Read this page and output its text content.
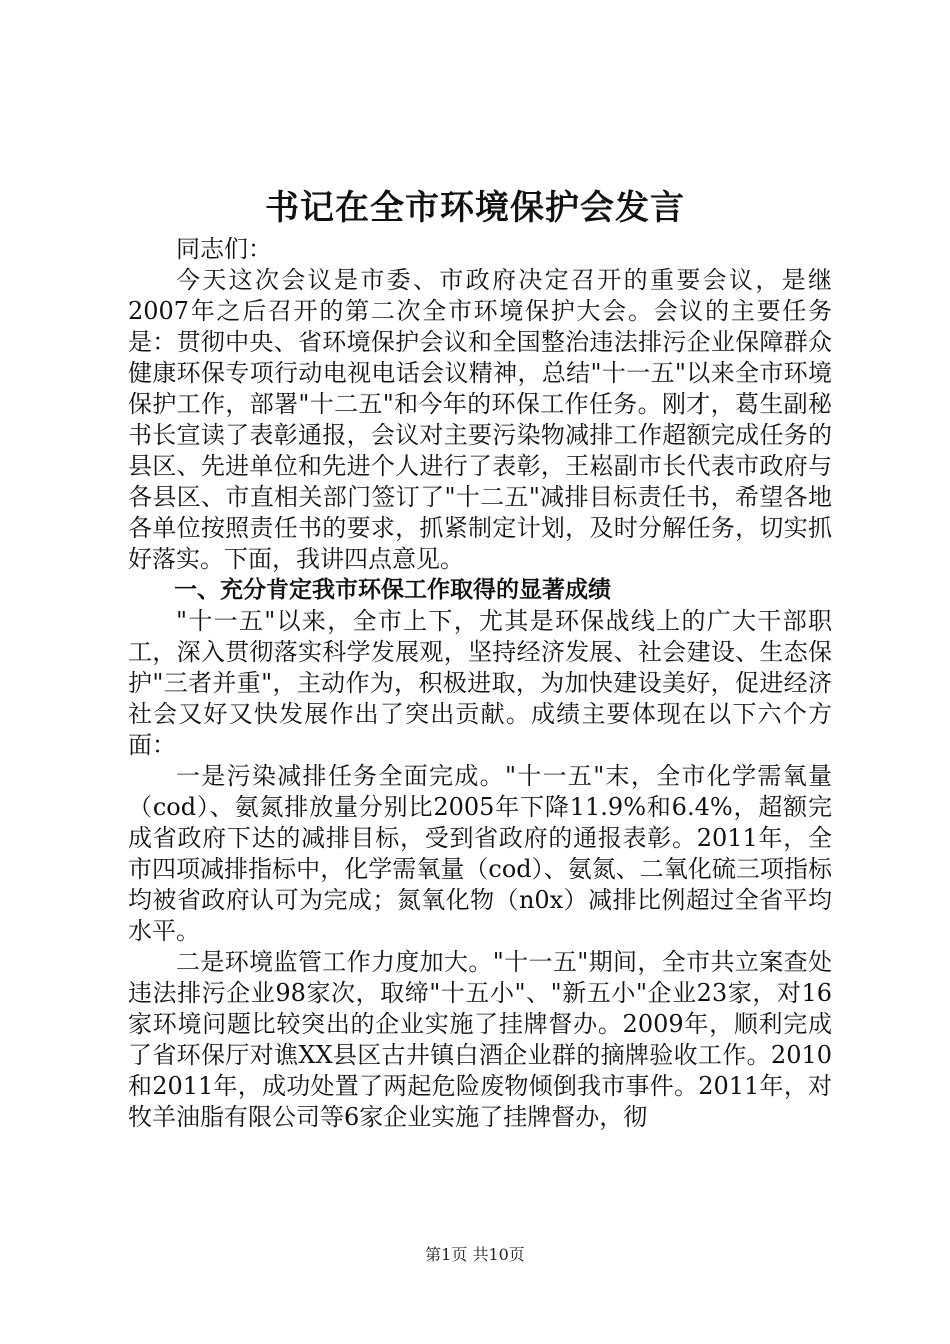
书记在全市环境保护会发言

同志们：

今天这次会议是市委、市政府决定召开的重要会议，是继2007年之后召开的第二次全市环境保护大会。会议的主要任务是：贯彻中央、省环境保护会议和全国整治违法排污企业保障群众健康环保专项行动电视电话会议精神，总结"十一五"以来全市环境保护工作，部署"十二五"和今年的环保工作任务。刚才，葛生副秘书长宣读了表彰通报，会议对主要污染物减排工作超额完成任务的县区、先进单位和先进个人进行了表彰，王崧副市长代表市政府与各县区、市直相关部门签订了"十二五"减排目标责任书，希望各地各单位按照责任书的要求，抓紧制定计划，及时分解任务，切实抓好落实。下面，我讲四点意见。

一、充分肯定我市环保工作取得的显著成绩

"十一五"以来，全市上下，尤其是环保战线上的广大干部职工，深入贯彻落实科学发展观，坚持经济发展、社会建设、生态保护"三者并重"，主动作为，积极进取，为加快建设美好，促进经济社会又好又快发展作出了突出贡献。成绩主要体现在以下六个方面：

一是污染减排任务全面完成。"十一五"末，全市化学需氧量（cod）、氨氮排放量分别比2005年下降11.9%和6.4%，超额完成省政府下达的减排目标，受到省政府的通报表彰。2011年，全市四项减排指标中，化学需氧量（cod）、氨氮、二氧化硫三项指标均被省政府认可为完成；氮氧化物（n0x）减排比例超过全省平均水平。

二是环境监管工作力度加大。"十一五"期间，全市共立案查处违法排污企业98家次，取缔"十五小"、"新五小"企业23家，对16家环境问题比较突出的企业实施了挂牌督办。2009年，顺利完成了省环保厅对谯XX县区古井镇白酒企业群的摘牌验收工作。2010和2011年，成功处置了两起危险废物倾倒我市事件。2011年，对牧羊油脂有限公司等6家企业实施了挂牌督办，彻

第1页 共10页
